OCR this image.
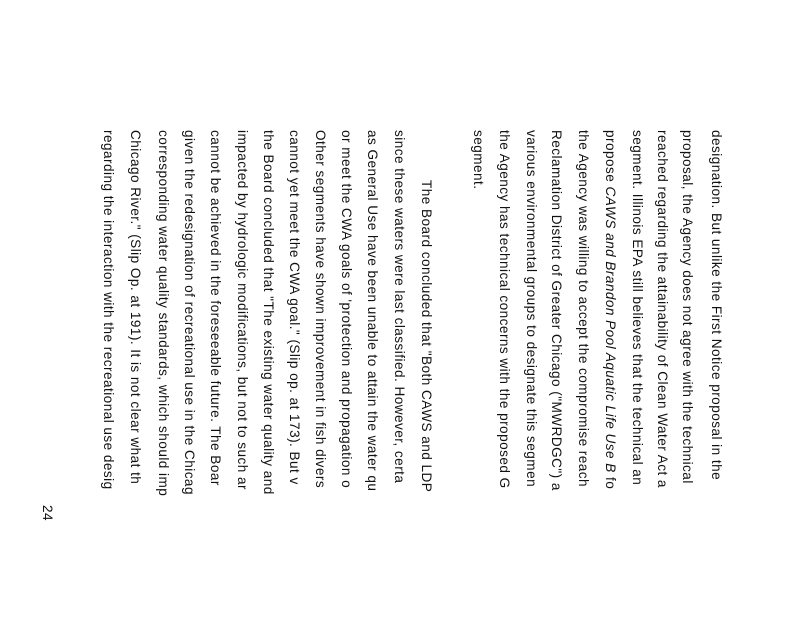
designation. But unlike the First Notice proposal in the
proposal, the Agency does not agree with the technical
reached regarding the attainability of Clean Water Act a
segment. Illinois EPA still believes that the technical an
propose CAWS and Brandon Pool Aquatic Life Use B fo
the Agency was willing to accept the compromise reach
Reclamation District of Greater Chicago ("MWRDGC") a
various environmental groups to designate this segmen
the Agency has technical concerns with the proposed G
segment.
The Board concluded that "Both CAWS and LDP
since these waters were last classified. However, certa
as General Use have been unable to attain the water qu
or meet the CWA goals of 'protection and propagation o
Other segments have shown improvement in fish divers
cannot yet meet the CWA goal." (Slip op. at 173). But v
the Board concluded that "The existing water quality and
impacted by hydrologic modifications, but not to such ar
cannot be achieved in the foreseeable future. The Boar
given the redesignation of recreational use in the Chicag
corresponding water quality standards, which should imp
Chicago River." (Slip Op. at 191). It is not clear what th
regarding the interaction with the recreational use desig
24
